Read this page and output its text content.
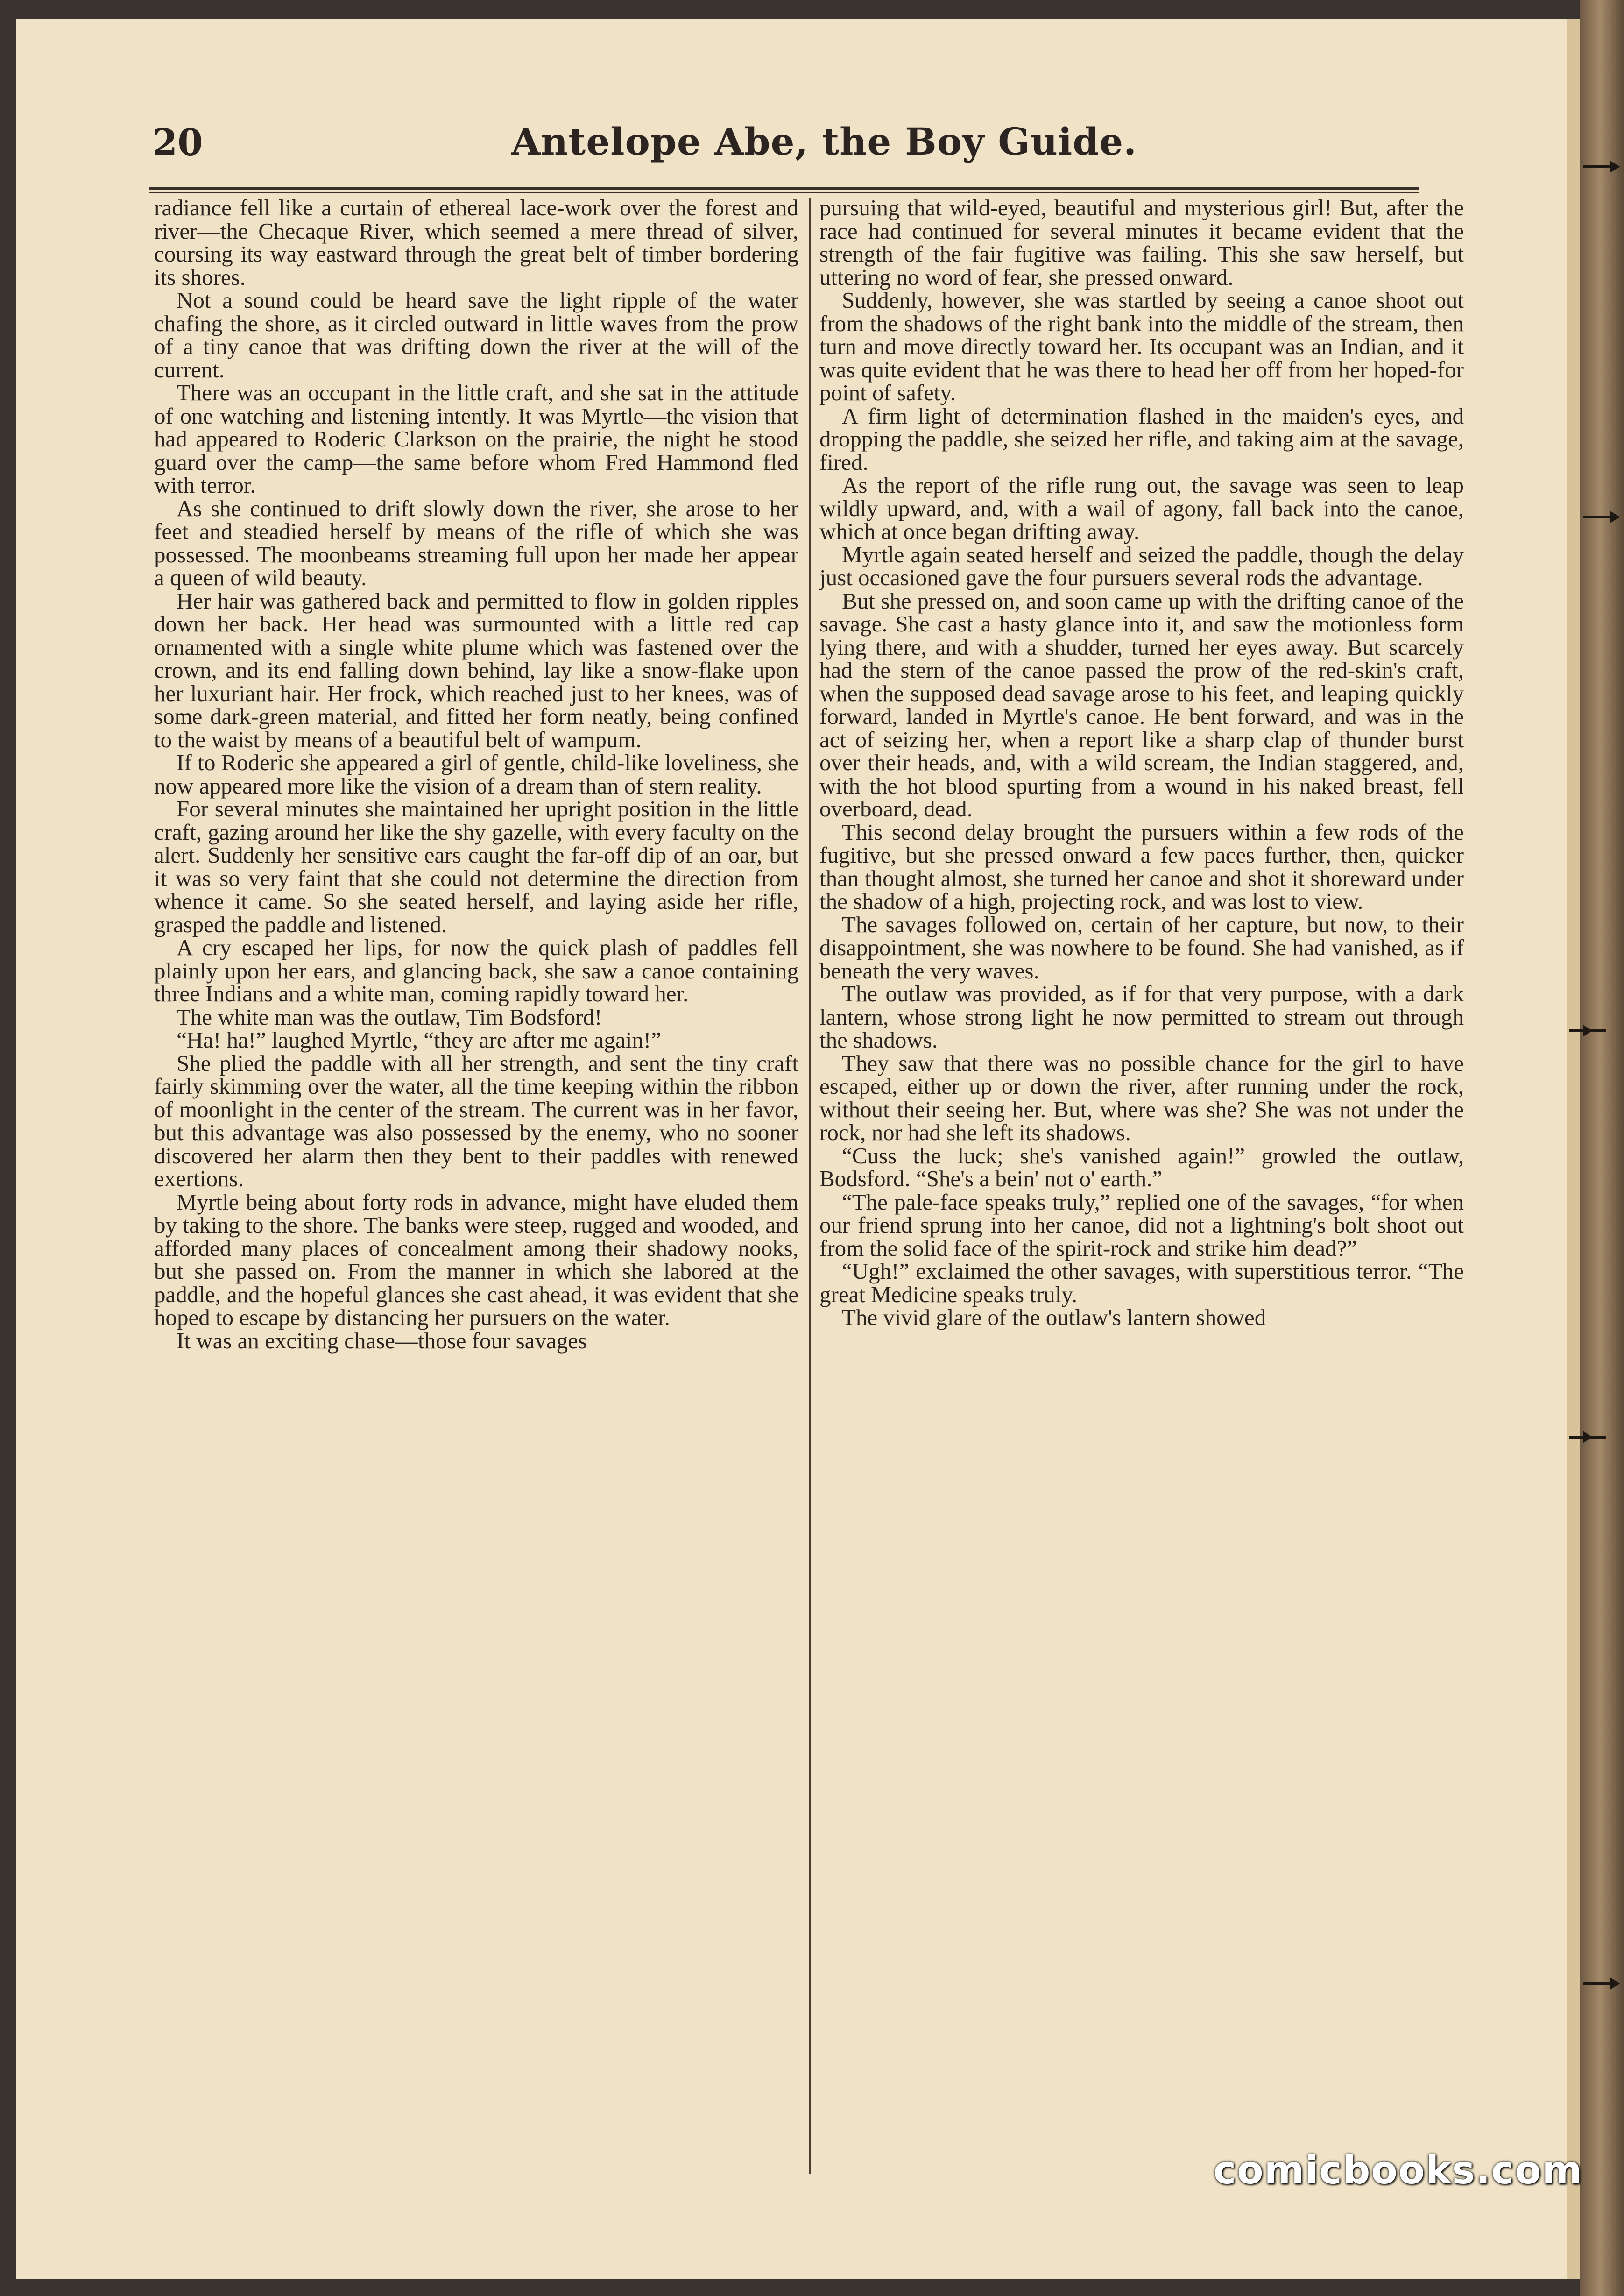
20	Antelope Abe, the Boy Guide.

radiance fell like a curtain of ethereal lace-work over the forest and river—the Checaque River, which seemed a mere thread of silver, coursing its way eastward through the great belt of timber bordering its shores.

Not a sound could be heard save the light ripple of the water chafing the shore, as it circled outward in little waves from the prow of a tiny canoe that was drifting down the river at the will of the current.

There was an occupant in the little craft, and she sat in the attitude of one watching and listening intently. It was Myrtle—the vision that had appeared to Roderic Clarkson on the prairie, the night he stood guard over the camp—the same before whom Fred Hammond fled with terror.

As she continued to drift slowly down the river, she arose to her feet and steadied herself by means of the rifle of which she was possessed. The moonbeams streaming full upon her made her appear a queen of wild beauty.

Her hair was gathered back and permitted to flow in golden ripples down her back. Her head was surmounted with a little red cap ornamented with a single white plume which was fastened over the crown, and its end falling down behind, lay like a snow-flake upon her luxuriant hair. Her frock, which reached just to her knees, was of some dark-green material, and fitted her form neatly, being confined to the waist by means of a beautiful belt of wampum.

If to Roderic she appeared a girl of gentle, child-like loveliness, she now appeared more like the vision of a dream than of stern reality.

For several minutes she maintained her upright position in the little craft, gazing around her like the shy gazelle, with every faculty on the alert. Suddenly her sensitive ears caught the far-off dip of an oar, but it was so very faint that she could not determine the direction from whence it came. So she seated herself, and laying aside her rifle, grasped the paddle and listened.

A cry escaped her lips, for now the quick plash of paddles fell plainly upon her ears, and glancing back, she saw a canoe containing three Indians and a white man, coming rapidly toward her.

The white man was the outlaw, Tim Bodsford!

“Ha! ha!” laughed Myrtle, “they are after me again!”

She plied the paddle with all her strength, and sent the tiny craft fairly skimming over the water, all the time keeping within the ribbon of moonlight in the center of the stream. The current was in her favor, but this advantage was also possessed by the enemy, who no sooner discovered her alarm then they bent to their paddles with renewed exertions.

Myrtle being about forty rods in advance, might have eluded them by taking to the shore. The banks were steep, rugged and wooded, and afforded many places of concealment among their shadowy nooks, but she passed on. From the manner in which she labored at the paddle, and the hopeful glances she cast ahead, it was evident that she hoped to escape by distancing her pursuers on the water.

It was an exciting chase—those four savages

pursuing that wild-eyed, beautiful and mysterious girl! But, after the race had continued for several minutes it became evident that the strength of the fair fugitive was failing. This she saw herself, but uttering no word of fear, she pressed onward.

Suddenly, however, she was startled by seeing a canoe shoot out from the shadows of the right bank into the middle of the stream, then turn and move directly toward her. Its occupant was an Indian, and it was quite evident that he was there to head her off from her hoped-for point of safety.

A firm light of determination flashed in the maiden's eyes, and dropping the paddle, she seized her rifle, and taking aim at the savage, fired.

As the report of the rifle rung out, the savage was seen to leap wildly upward, and, with a wail of agony, fall back into the canoe, which at once began drifting away.

Myrtle again seated herself and seized the paddle, though the delay just occasioned gave the four pursuers several rods the advantage.

But she pressed on, and soon came up with the drifting canoe of the savage. She cast a hasty glance into it, and saw the motionless form lying there, and with a shudder, turned her eyes away. But scarcely had the stern of the canoe passed the prow of the red-skin's craft, when the supposed dead savage arose to his feet, and leaping quickly forward, landed in Myrtle's canoe. He bent forward, and was in the act of seizing her, when a report like a sharp clap of thunder burst over their heads, and, with a wild scream, the Indian staggered, and, with the hot blood spurting from a wound in his naked breast, fell overboard, dead.

This second delay brought the pursuers within a few rods of the fugitive, but she pressed onward a few paces further, then, quicker than thought almost, she turned her canoe and shot it shoreward under the shadow of a high, projecting rock, and was lost to view.

The savages followed on, certain of her capture, but now, to their disappointment, she was nowhere to be found. She had vanished, as if beneath the very waves.

The outlaw was provided, as if for that very purpose, with a dark lantern, whose strong light he now permitted to stream out through the shadows.

They saw that there was no possible chance for the girl to have escaped, either up or down the river, after running under the rock, without their seeing her. But, where was she? She was not under the rock, nor had she left its shadows.

“Cuss the luck; she's vanished again!” growled the outlaw, Bodsford. “She's a bein' not o' earth.”

“The pale-face speaks truly,” replied one of the savages, “for when our friend sprung into her canoe, did not a lightning's bolt shoot out from the solid face of the spirit-rock and strike him dead?”

“Ugh!” exclaimed the other savages, with superstitious terror. “The great Medicine speaks truly.

The vivid glare of the outlaw's lantern showed

comicbooks.com
